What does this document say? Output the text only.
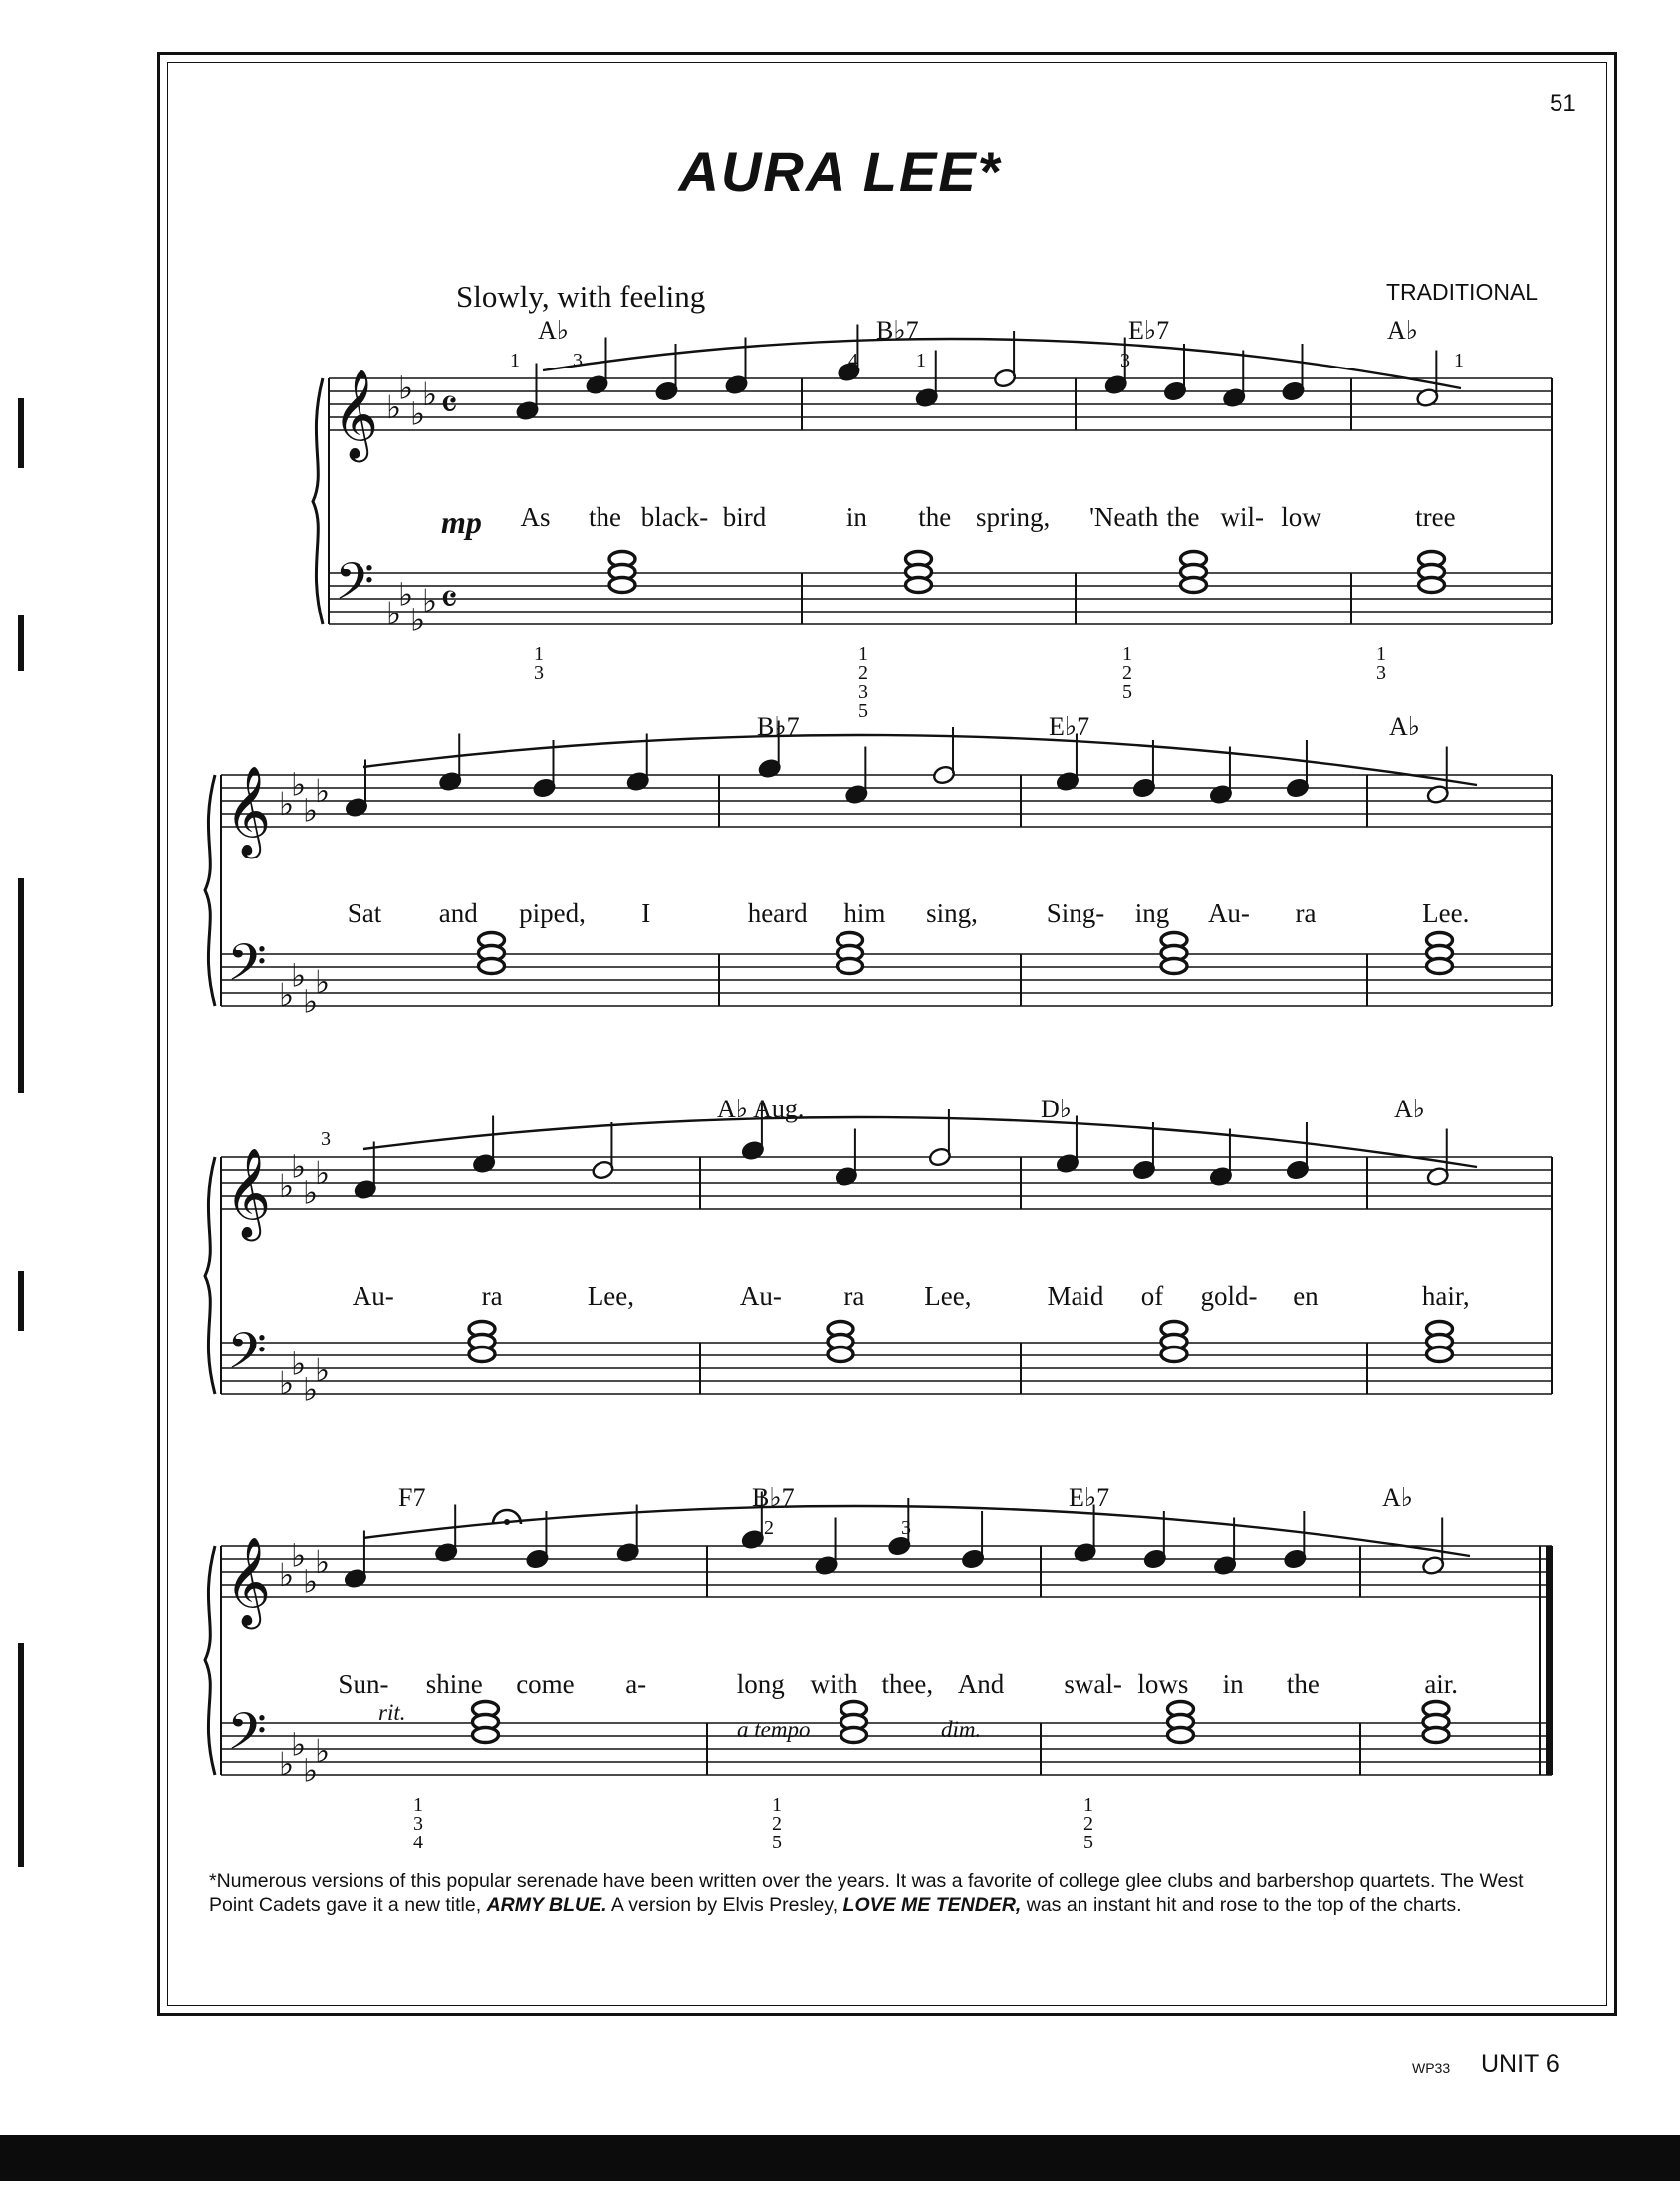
51
AURA LEE*
Slowly, with feeling	TRADITIONAL
𝄞
𝄢
♭
♭
♭
♭
♭
♭
♭
♭
𝄴
𝄴
A♭	B♭7	E♭7	A♭
As the black- bird	in the spring, 'Neath the wil- low	tree
1	3	4	1	3	1
1
3
1
2
3
5
1
2
5
1
3
mp
𝄞
𝄢
♭
♭
♭
♭
♭
♭
♭
♭
B♭7	E♭7	A♭
Sat and piped, I	heard him sing,	Sing- ing Au- ra	Lee.
𝄞
𝄢
♭
♭
♭
♭
♭
♭
♭
♭
A♭ Aug.	D♭	A♭
Au-	ra	Lee,	Au- ra Lee,	Maid of gold- en	hair,
3
𝄞
𝄢
♭
♭
♭
♭
♭
♭
♭
♭
F7	B♭7	E♭7	A♭
Sun- shine come a-	long with thee, And swal- lows in the	air.
2	3
1
3
4
1
2
5
1
2
5
rit.
a tempo	dim.
*Numerous versions of this popular serenade have been written over the years. It was a favorite of college glee clubs and barbershop quartets. The West Point Cadets gave it a new title, ARMY BLUE. A version by Elvis Presley, LOVE ME TENDER, was an instant hit and rose to the top of the charts.
WP33 UNIT 6
